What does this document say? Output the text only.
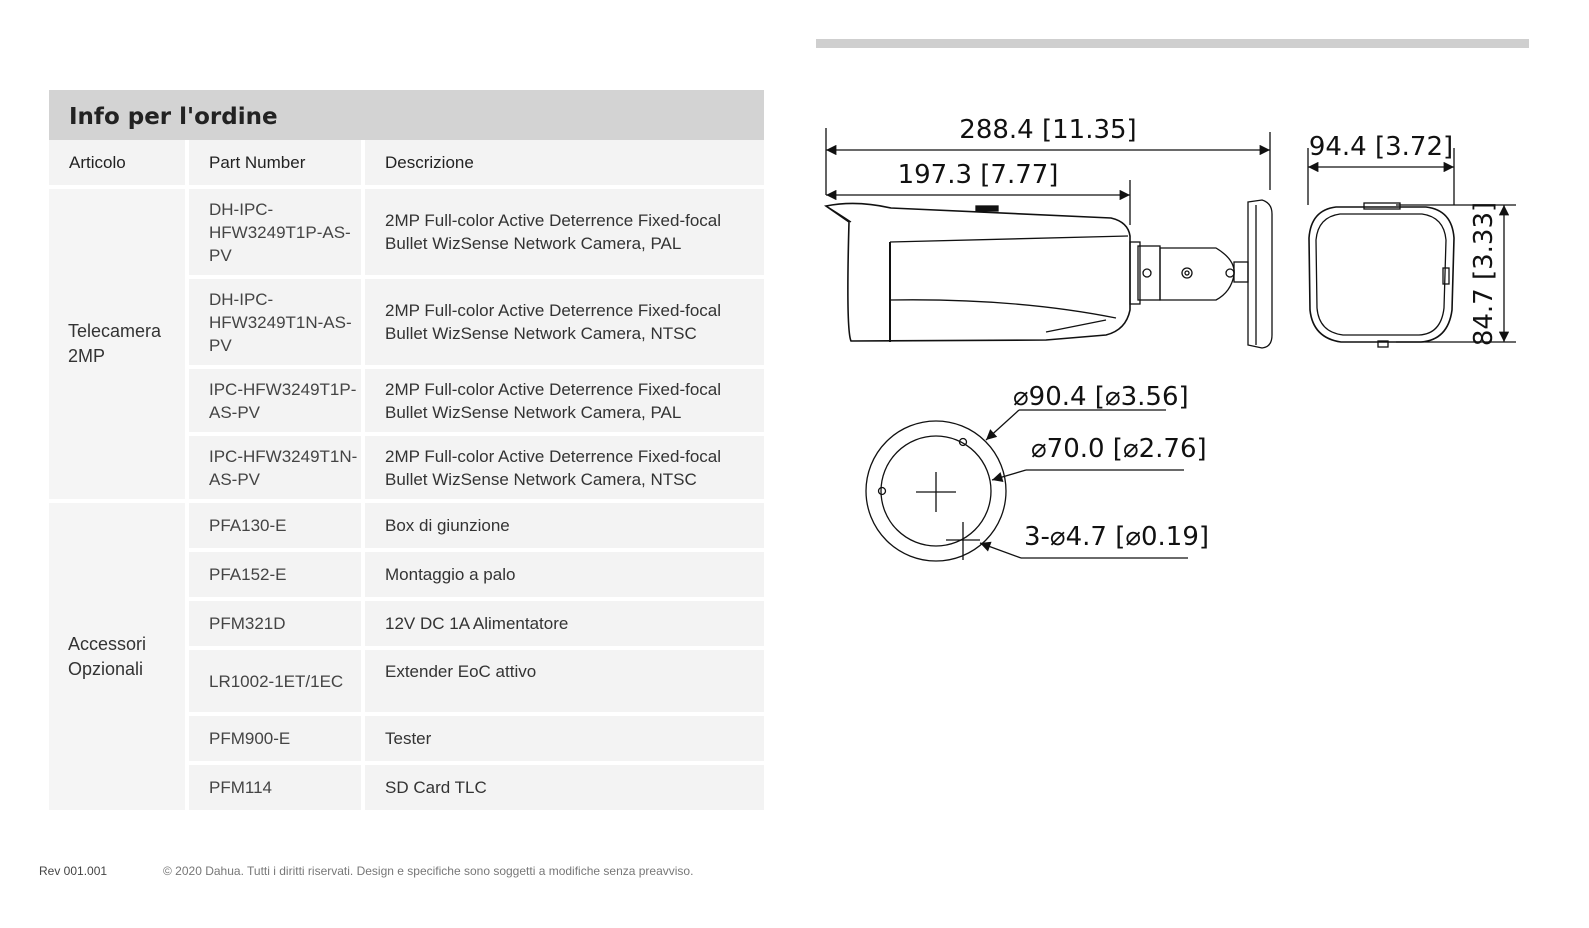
Info per l'ordine
Articolo	Part Number	Descrizione
Telecamera 2MP	DH-IPC-HFW3249T1P-AS-PV	2MP Full-color Active Deterrence Fixed-focal Bullet WizSense Network Camera, PAL
	DH-IPC-HFW3249T1N-AS-PV	2MP Full-color Active Deterrence Fixed-focal Bullet WizSense Network Camera, NTSC
	IPC-HFW3249T1P-AS-PV	2MP Full-color Active Deterrence Fixed-focal Bullet WizSense Network Camera, PAL
	IPC-HFW3249T1N-AS-PV	2MP Full-color Active Deterrence Fixed-focal Bullet WizSense Network Camera, NTSC
Accessori Opzionali	PFA130-E	Box di giunzione
	PFA152-E	Montaggio a palo
	PFM321D	12V DC 1A Alimentatore
	LR1002-1ET/1EC	Extender EoC attivo
	PFM900-E	Tester
	PFM114	SD Card TLC
288.4 [11.35]
197.3 [7.77]
94.4 [3.72]
84.7 [3.33]
⌀90.4 [⌀3.56]
⌀70.0 [⌀2.76]
3-⌀4.7 [⌀0.19]
Rev 001.001	© 2020 Dahua. Tutti i diritti riservati. Design e specifiche sono soggetti a modifiche senza preavviso.
